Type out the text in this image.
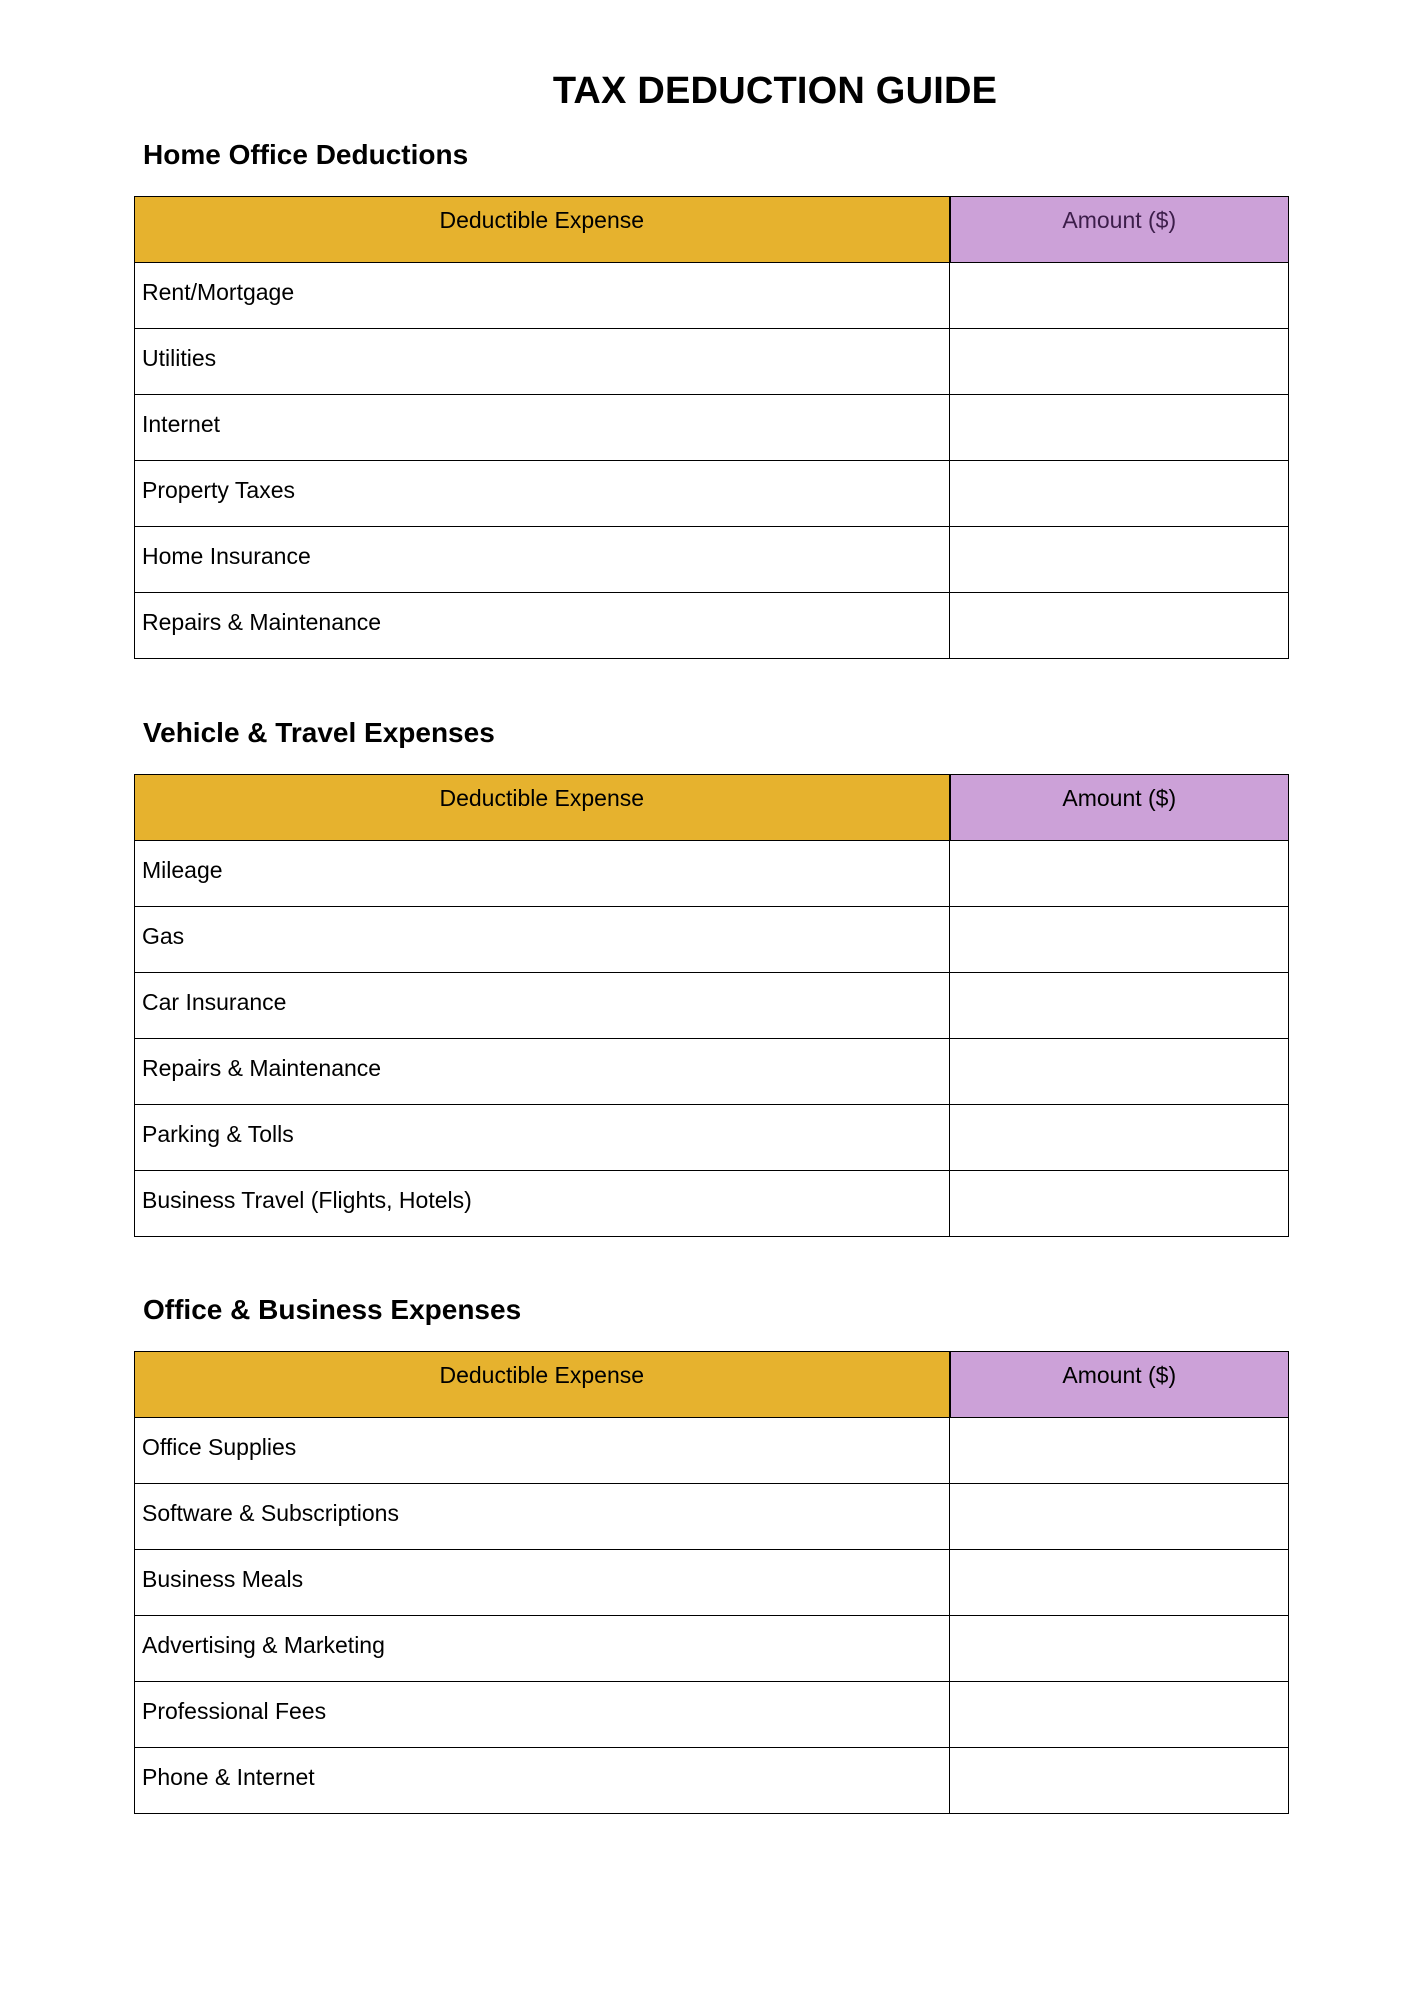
TAX DEDUCTION GUIDE
Home Office Deductions
Deductible Expense	Amount ($)
Rent/Mortgage	
Utilities	
Internet	
Property Taxes	
Home Insurance	
Repairs & Maintenance	
Vehicle & Travel Expenses
Deductible Expense	Amount ($)
Mileage	
Gas	
Car Insurance	
Repairs & Maintenance	
Parking & Tolls	
Business Travel (Flights, Hotels)	
Office & Business Expenses
Deductible Expense	Amount ($)
Office Supplies	
Software & Subscriptions	
Business Meals	
Advertising & Marketing	
Professional Fees	
Phone & Internet	
